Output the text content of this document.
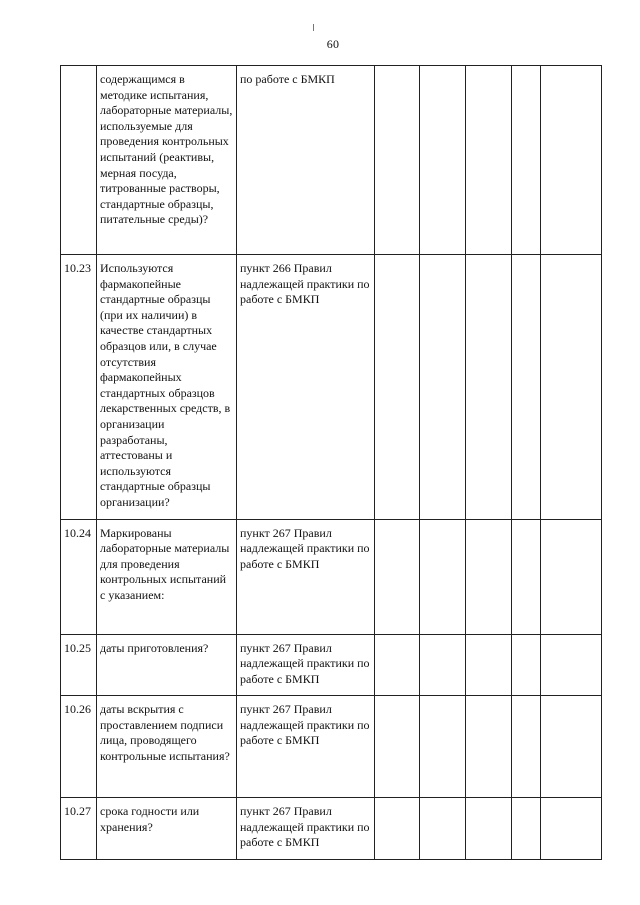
60
	содержащимся в методике испытания, лабораторные материалы, используемые для проведения контрольных испытаний (реактивы, мерная посуда, титрованные растворы, стандартные образцы, питательные среды)?	по работе с БМКП					
10.23	Используются фармакопейные стандартные образцы (при их наличии) в качестве стандартных образцов или, в случае отсутствия фармакопейных стандартных образцов лекарственных средств, в организации разработаны, аттестованы и используются стандартные образцы организации?	пункт 266 Правил надлежащей практики по работе с БМКП					
10.24	Маркированы лабораторные материалы для проведения контрольных испытаний с указанием:	пункт 267 Правил надлежащей практики по работе с БМКП					
10.25	даты приготовления?	пункт 267 Правил надлежащей практики по работе с БМКП					
10.26	даты вскрытия с проставлением подписи лица, проводящего контрольные испытания?	пункт 267 Правил надлежащей практики по работе с БМКП					
10.27	срока годности или хранения?	пункт 267 Правил надлежащей практики по работе с БМКП					
